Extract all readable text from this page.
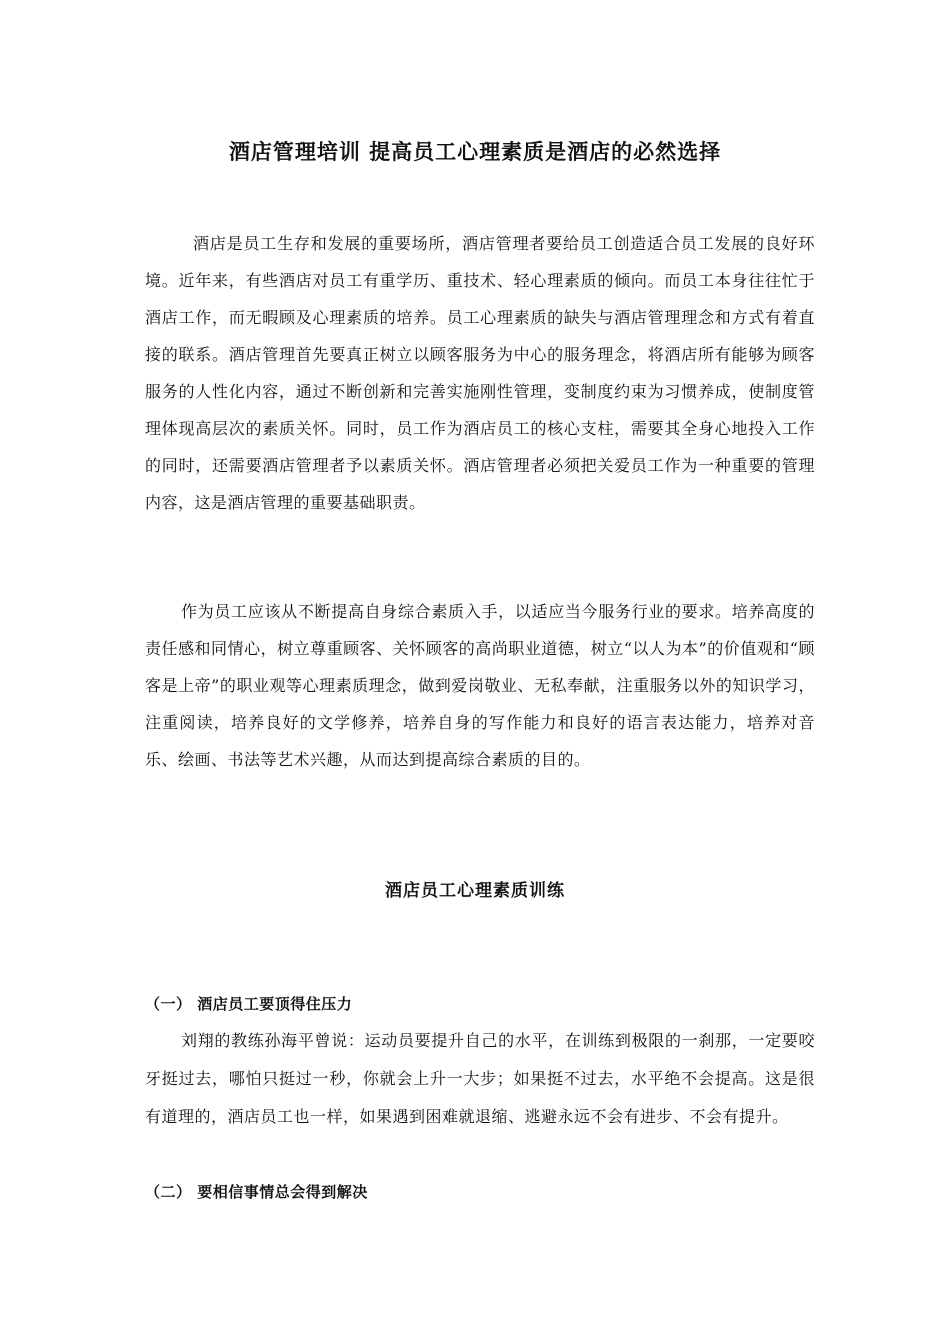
酒店管理培训 提高员工心理素质是酒店的必然选择

酒店是员工生存和发展的重要场所，酒店管理者要给员工创造适合员工发展的良好环境。近年来，有些酒店对员工有重学历、重技术、轻心理素质的倾向。而员工本身往往忙于酒店工作，而无暇顾及心理素质的培养。员工心理素质的缺失与酒店管理理念和方式有着直接的联系。酒店管理首先要真正树立以顾客服务为中心的服务理念，将酒店所有能够为顾客服务的人性化内容，通过不断创新和完善实施刚性管理，变制度约束为习惯养成，使制度管理体现高层次的素质关怀。同时，员工作为酒店员工的核心支柱，需要其全身心地投入工作的同时，还需要酒店管理者予以素质关怀。酒店管理者必须把关爱员工作为一种重要的管理内容，这是酒店管理的重要基础职责。

作为员工应该从不断提高自身综合素质入手，以适应当今服务行业的要求。培养高度的责任感和同情心，树立尊重顾客、关怀顾客的高尚职业道德，树立“以人为本”的价值观和“顾客是上帝”的职业观等心理素质理念，做到爱岗敬业、无私奉献，注重服务以外的知识学习，注重阅读，培养良好的文学修养，培养自身的写作能力和良好的语言表达能力，培养对音乐、绘画、书法等艺术兴趣，从而达到提高综合素质的目的。

酒店员工心理素质训练
（一） 酒店员工要顶得住压力

刘翔的教练孙海平曾说：运动员要提升自己的水平，在训练到极限的一刹那，一定要咬牙挺过去，哪怕只挺过一秒，你就会上升一大步；如果挺不过去，水平绝不会提高。这是很有道理的，酒店员工也一样，如果遇到困难就退缩、逃避永远不会有进步、不会有提升。

（二） 要相信事情总会得到解决
